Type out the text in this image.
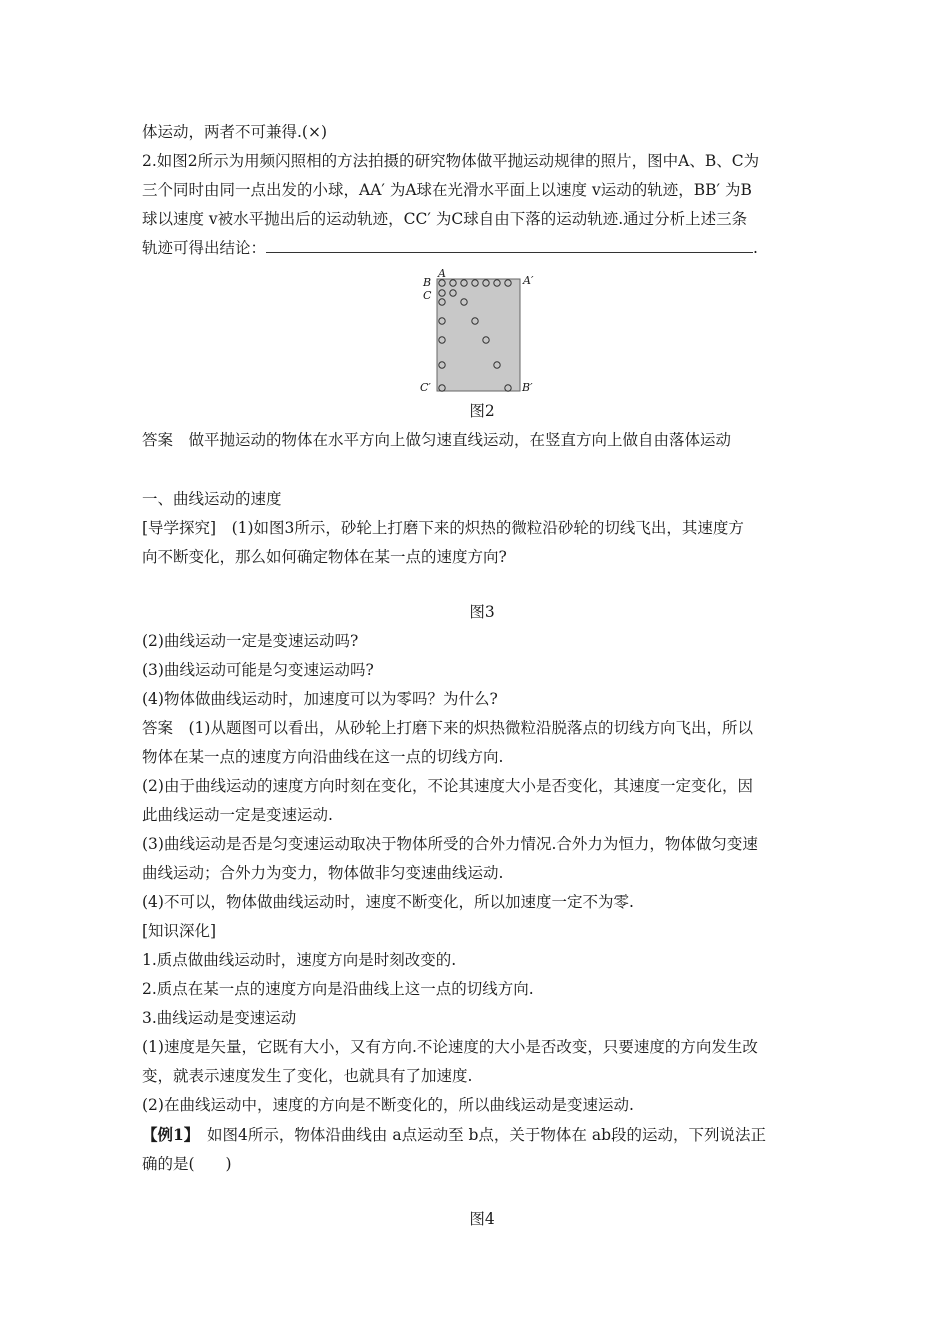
体运动，两者不可兼得.(×)
2.如图2所示为用频闪照相的方法拍摄的研究物体做平抛运动规律的照片，图中A、B、C为
三个同时由同一点出发的小球，AA′ 为A球在光滑水平面上以速度 v运动的轨迹，BB′ 为B
球以速度 v被水平抛出后的运动轨迹，CC′ 为C球自由下落的运动轨迹.通过分析上述三条
轨迹可得出结论：	.
A
B
C
A′
B′
C′
图2
答案　做平抛运动的物体在水平方向上做匀速直线运动，在竖直方向上做自由落体运动
一、曲线运动的速度
[导学探究]　(1)如图3所示，砂轮上打磨下来的炽热的微粒沿砂轮的切线飞出，其速度方
向不断变化，那么如何确定物体在某一点的速度方向?
图3
(2)曲线运动一定是变速运动吗?
(3)曲线运动可能是匀变速运动吗?
(4)物体做曲线运动时，加速度可以为零吗？为什么?
答案　(1)从题图可以看出，从砂轮上打磨下来的炽热微粒沿脱落点的切线方向飞出，所以
物体在某一点的速度方向沿曲线在这一点的切线方向.
(2)由于曲线运动的速度方向时刻在变化，不论其速度大小是否变化，其速度一定变化，因
此曲线运动一定是变速运动.
(3)曲线运动是否是匀变速运动取决于物体所受的合外力情况.合外力为恒力，物体做匀变速
曲线运动；合外力为变力，物体做非匀变速曲线运动.
(4)不可以，物体做曲线运动时，速度不断变化，所以加速度一定不为零.
[知识深化]
1.质点做曲线运动时，速度方向是时刻改变的.
2.质点在某一点的速度方向是沿曲线上这一点的切线方向.
3.曲线运动是变速运动
(1)速度是矢量，它既有大小，又有方向.不论速度的大小是否改变，只要速度的方向发生改
变，就表示速度发生了变化，也就具有了加速度.
(2)在曲线运动中，速度的方向是不断变化的，所以曲线运动是变速运动.
【例1】　如图4所示，物体沿曲线由 a点运动至 b点，关于物体在 ab段的运动，下列说法正
确的是(　　)
图4
